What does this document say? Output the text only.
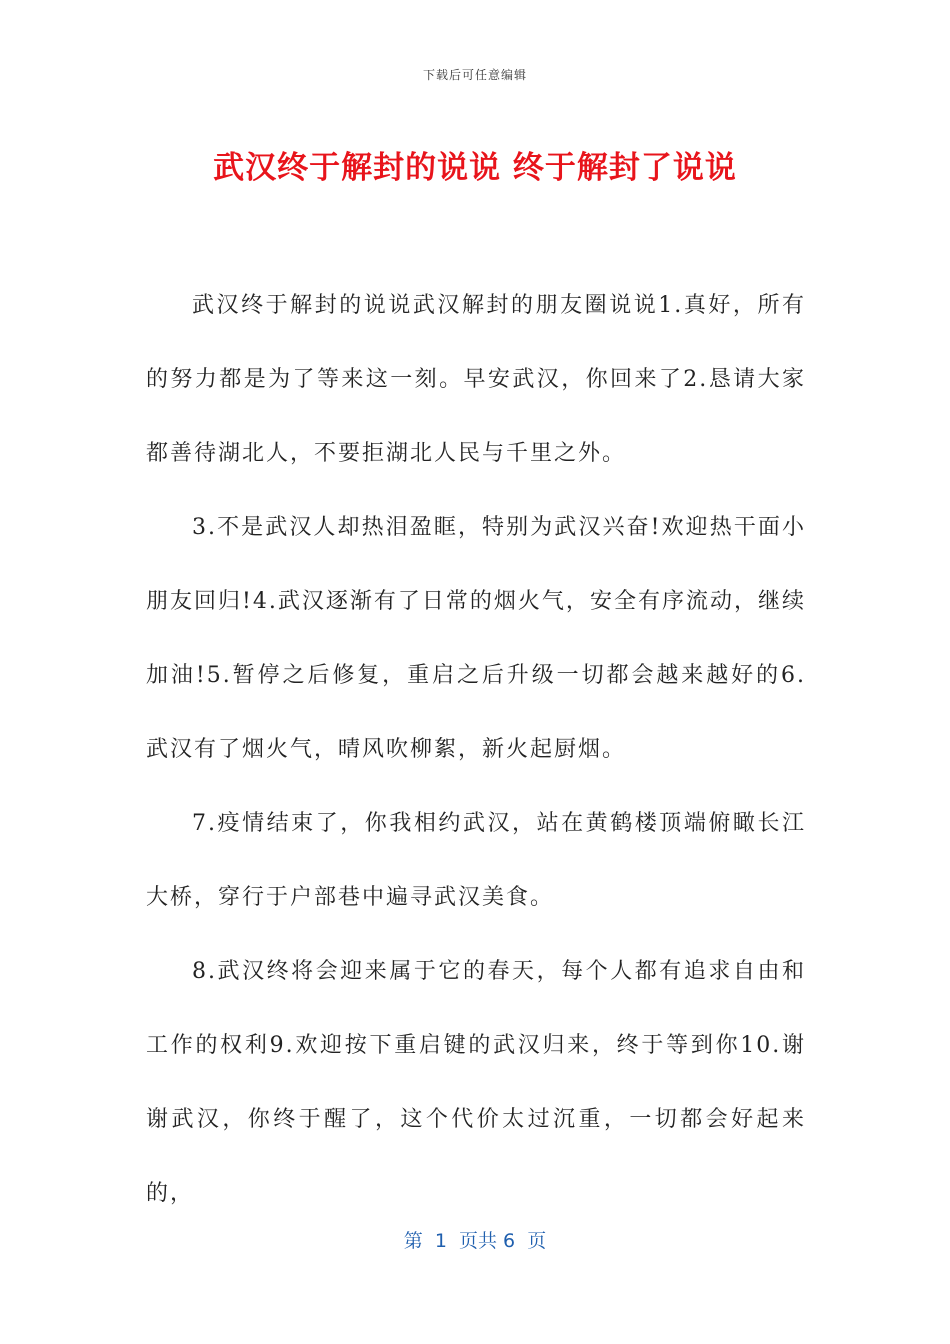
下载后可任意编辑
武汉终于解封的说说 终于解封了说说

武汉终于解封的说说武汉解封的朋友圈说说1.真好，所有的努力都是为了等来这一刻。早安武汉，你回来了2.恳请大家都善待湖北人，不要拒湖北人民与千里之外。

3.不是武汉人却热泪盈眶，特别为武汉兴奋!欢迎热干面小朋友回归!4.武汉逐渐有了日常的烟火气，安全有序流动，继续加油!5.暂停之后修复，重启之后升级一切都会越来越好的6.武汉有了烟火气，晴风吹柳絮，新火起厨烟。

7.疫情结束了，你我相约武汉，站在黄鹤楼顶端俯瞰长江大桥，穿行于户部巷中遍寻武汉美食。

8.武汉终将会迎来属于它的春天，每个人都有追求自由和工作的权利9.欢迎按下重启键的武汉归来，终于等到你10.谢谢武汉，你终于醒了，这个代价太过沉重，一切都会好起来的，

第  1  页共 6  页
